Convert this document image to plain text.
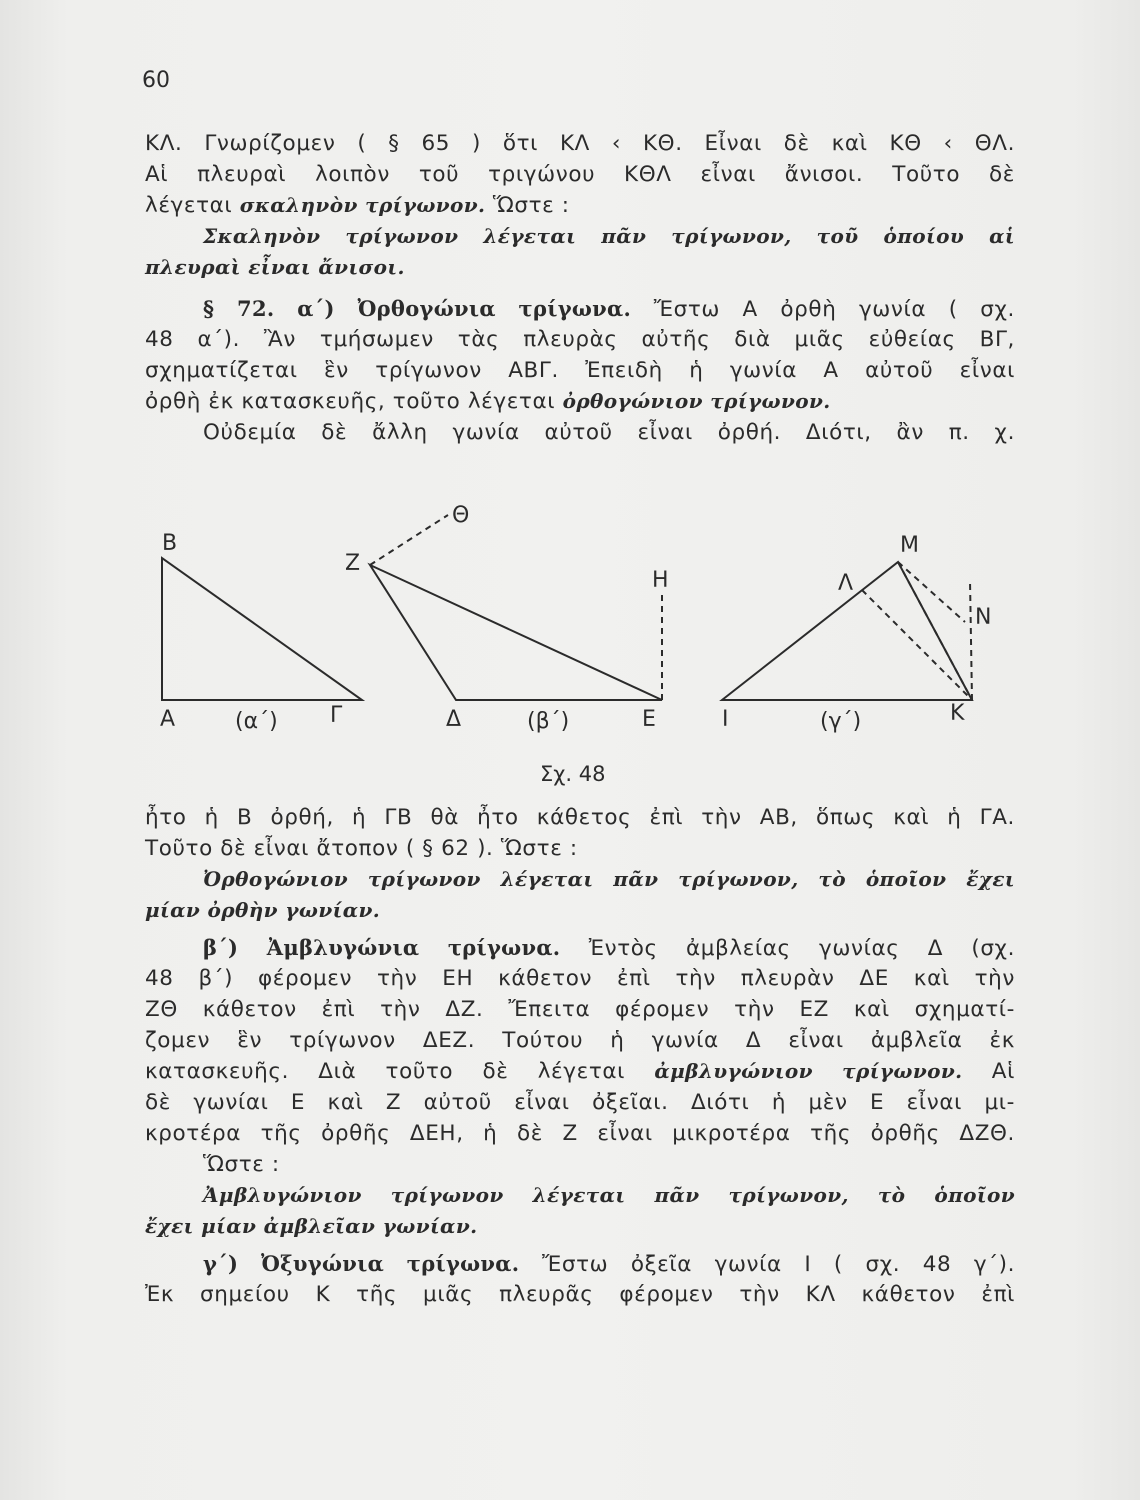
60
ΚΛ. Γνωρίζομεν ( § 65 ) ὅτι ΚΛ ‹ ΚΘ. Εἶναι δὲ καὶ ΚΘ ‹ ΘΛ.
Αἱ πλευραὶ λοιπὸν τοῦ τριγώνου ΚΘΛ εἶναι ἄνισοι. Τοῦτο δὲ
λέγεται σκαληνὸν τρίγωνον. Ὥστε :
Σκαληνὸν τρίγωνον λέγεται πᾶν τρίγωνον, τοῦ ὁποίου αἱ
πλευραὶ εἶναι ἄνισοι.
§ 72. α΄) Ὀρθογώνια τρίγωνα. Ἔστω Α ὀρθὴ γωνία ( σχ.
48 α΄). Ἂν τμήσωμεν τὰς πλευρὰς αὐτῆς διὰ μιᾶς εὐθείας ΒΓ,
σχηματίζεται ἓν τρίγωνον ΑΒΓ. Ἐπειδὴ ἡ γωνία Α αὐτοῦ εἶναι
ὀρθὴ ἐκ κατασκευῆς, τοῦτο λέγεται ὀρθογώνιον τρίγωνον.
Οὐδεμία δὲ ἄλλη γωνία αὐτοῦ εἶναι ὀρθή. Διότι, ἂν π. χ.
Β
Α	(α΄) Γ
Θ
Ζ
Η
Δ	(β΄)	Ε
Μ
Λ
Ν
Ι	(γ΄)	Κ
Σχ. 48
ἦτο ἡ Β ὀρθή, ἡ ΓΒ θὰ ἦτο κάθετος ἐπὶ τὴν ΑΒ, ὅπως καὶ ἡ ΓΑ.
Τοῦτο δὲ εἶναι ἄτοπον ( § 62 ). Ὥστε :
Ὀρθογώνιον τρίγωνον λέγεται πᾶν τρίγωνον, τὸ ὁποῖον ἔχει
μίαν ὀρθὴν γωνίαν.
β΄) Ἀμβλυγώνια τρίγωνα. Ἐντὸς ἀμβλείας γωνίας Δ (σχ.
48 β΄) φέρομεν τὴν ΕΗ κάθετον ἐπὶ τὴν πλευρὰν ΔΕ καὶ τὴν
ΖΘ κάθετον ἐπὶ τὴν ΔΖ. Ἔπειτα φέρομεν τὴν ΕΖ καὶ σχηματί-
ζομεν ἓν τρίγωνον ΔΕΖ. Τούτου ἡ γωνία Δ εἶναι ἀμβλεῖα ἐκ
κατασκευῆς. Διὰ τοῦτο δὲ λέγεται ἀμβλυγώνιον τρίγωνον. Αἱ
δὲ γωνίαι Ε καὶ Ζ αὐτοῦ εἶναι ὀξεῖαι. Διότι ἡ μὲν Ε εἶναι μι-
κροτέρα τῆς ὀρθῆς ΔΕΗ, ἡ δὲ Ζ εἶναι μικροτέρα τῆς ὀρθῆς ΔΖΘ.
Ὥστε :
Ἀμβλυγώνιον τρίγωνον λέγεται πᾶν τρίγωνον, τὸ ὁποῖον
ἔχει μίαν ἀμβλεῖαν γωνίαν.
γ΄) Ὀξυγώνια τρίγωνα. Ἔστω ὀξεῖα γωνία Ι ( σχ. 48 γ΄).
Ἐκ σημείου Κ τῆς μιᾶς πλευρᾶς φέρομεν τὴν ΚΛ κάθετον ἐπὶ
